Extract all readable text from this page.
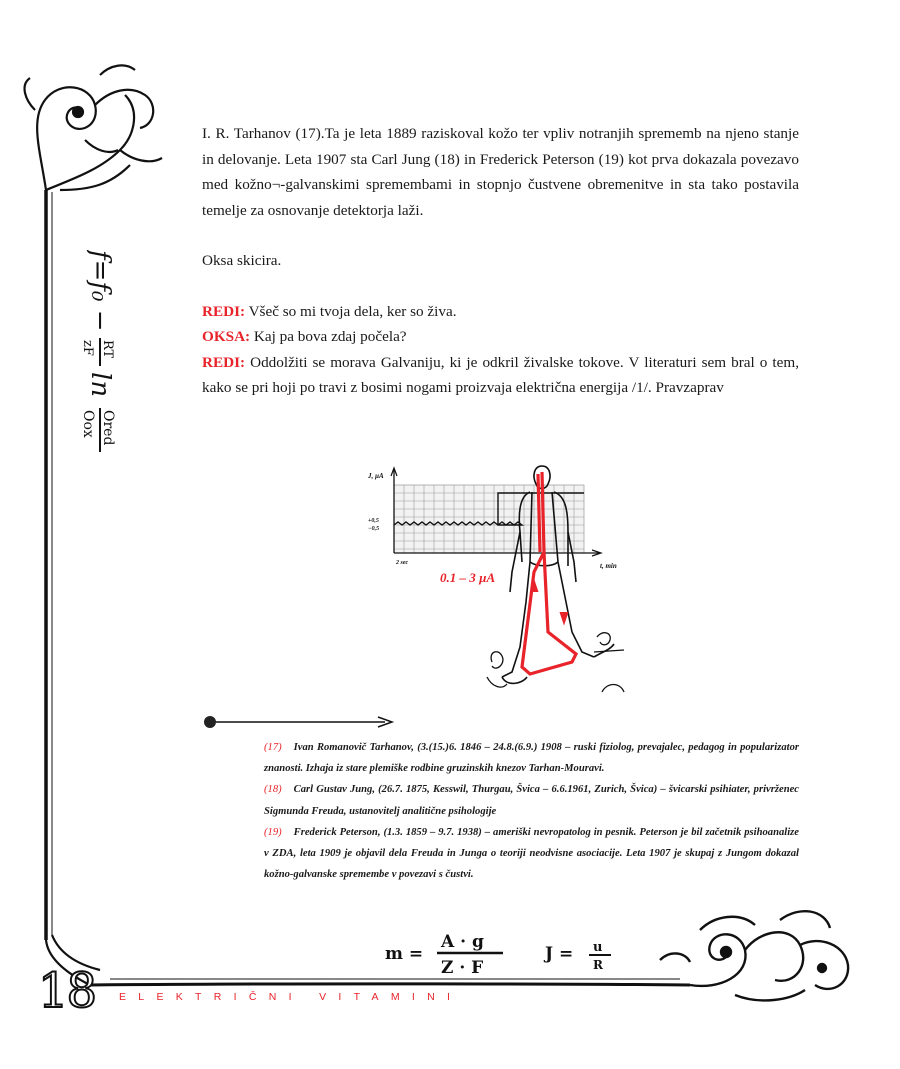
f=f₀ −
RT
zF
ln
Ored
Oox

I. R. Tarhanov (17).Ta je leta 1889 raziskoval kožo ter vpliv notranjih sprememb na njeno stanje in delovanje. Leta 1907 sta Carl Jung (18) in Frederick Peterson (19) kot prva dokazala povezavo med kožno¬-galvanskimi spremembami in stopnjo čustvene obremenitve in sta tako postavila temelje za osnovanje detektorja laži.

Oksa skicira.

REDI: Všeč so mi tvoja dela, ker so živa.

OKSA: Kaj pa bova zdaj počela?

REDI: Oddolžiti se morava Galvaniju, ki je odkril živalske tokove. V literaturi sem bral o tem, kako se pri hoji po travi z bosimi nogami proizvaja električna energija /1/. Pravzaprav

J, µA
t, min
+0,5
−0,5
2 sec
0.1 – 3 µA

(17) Ivan Romanovič Tarhanov, (3.(15.)6. 1846 – 24.8.(6.9.) 1908 – ruski fiziolog, prevajalec, pedagog in popularizator znanosti. Izhaja iz stare plemiške rodbine gruzinskih knezov Tarhan-Mouravi.

(18) Carl Gustav Jung, (26.7. 1875, Kesswil, Thurgau, Švica – 6.6.1961, Zurich, Švica) – švicarski psihiater, privrženec Sigmunda Freuda, ustanovitelj analitične psihologije

(19) Frederick Peterson, (1.3. 1859 – 9.7. 1938) – ameriški nevropatolog in pesnik. Peterson je bil začetnik psihoanalize v ZDA, leta 1909 je objavil dela Freuda in Junga o teoriji neodvisne asociacije. Leta 1907 je skupaj z Jungom dokazal kožno-galvanske spremembe v povezavi s čustvi.

m =
A · g
Z · F
J = u
R
18 ELEKTRIČNI VITAMINI
